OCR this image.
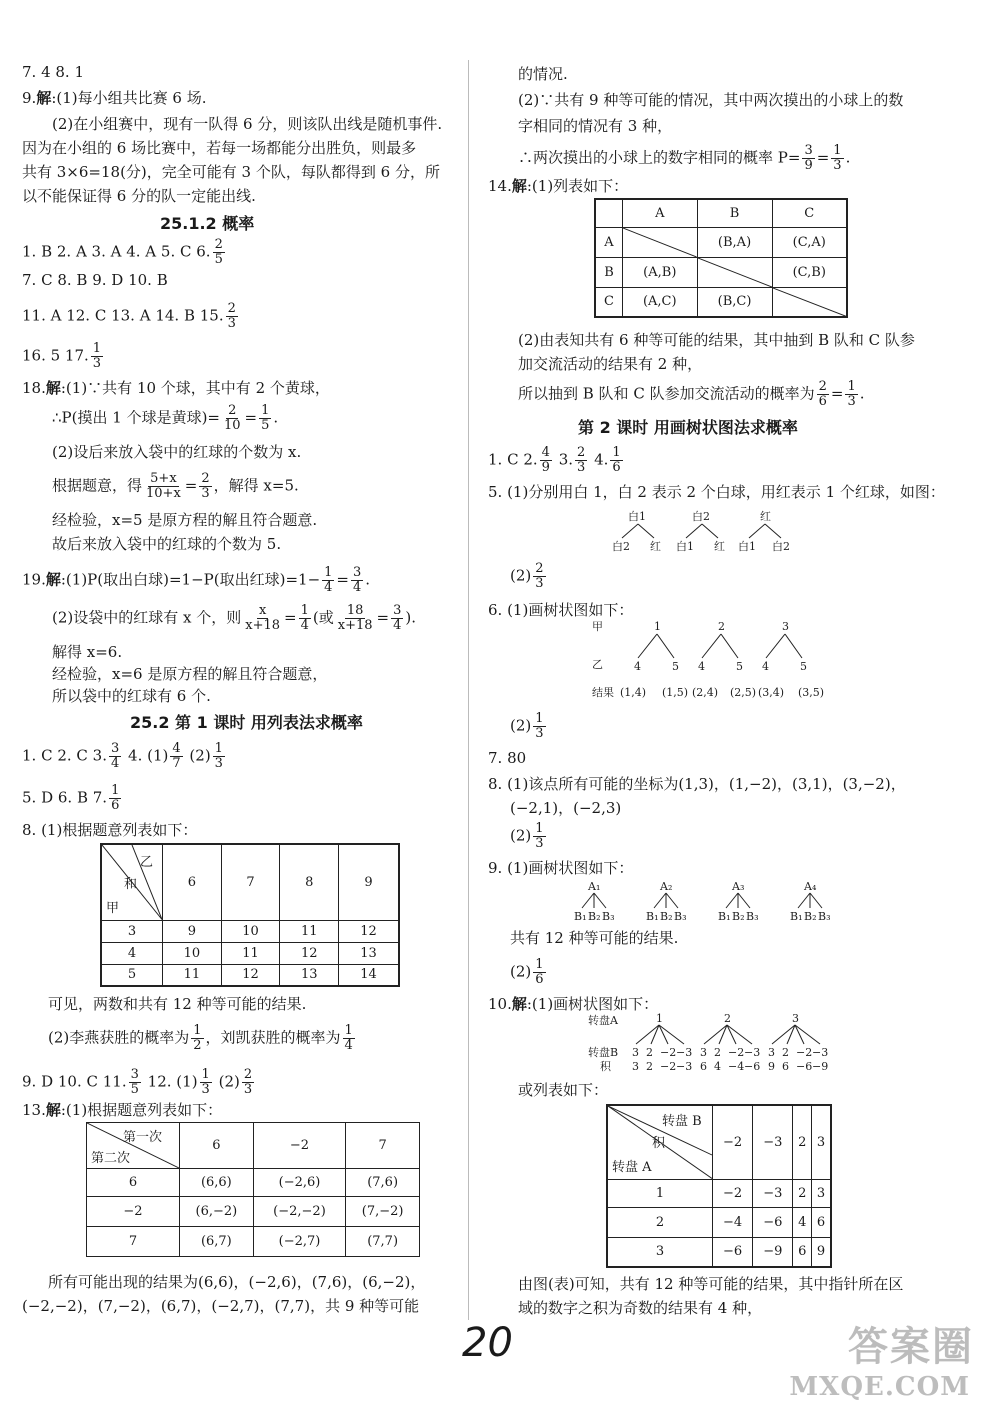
7. 4 8. 1
9.解:(1)每小组共比赛 6 场.
(2)在小组赛中，现有一队得 6 分，则该队出线是随机事件.
因为在小组的 6 场比赛中，若每一场都能分出胜负，则最多
共有 3×6=18(分)，完全可能有 3 个队，每队都得到 6 分，所
以不能保证得 6 分的队一定能出线.
25.1.2 概率
1. B 2. A 3. A 4. A 5. C 6. $\frac{2}{5}$
7. C 8. B 9. D 10. B
11. A 12. C 13. A 14. B 15. $\frac{2}{3}$
16. 5 17. $\frac{1}{3}$
18.解:(1)∵共有 10 个球，其中有 2 个黄球，
∴P(摸出 1 个球是黄球)= $\frac{2}{10} = \frac{1}{5}$ .
(2)设后来放入袋中的红球的个数为 x.
根据题意，得 $\frac{5+x}{10+x} = \frac{2}{3}$ ，解得 x=5.
经检验，x=5 是原方程的解且符合题意.
故后来放入袋中的红球的个数为 5.
19.解:(1)P(取出白球)=1−P(取出红球)$=1- \frac{1}{4} = \frac{3}{4}$ .
(2)设袋中的红球有 x 个，则 $\frac{x}{x+18} = \frac{1}{4}$ (或 $\frac{18}{x+18} = \frac{3}{4}$ ).
解得 x=6.
经检验，x=6 是原方程的解且符合题意，
所以袋中的红球有 6 个.
25.2 第 1 课时 用列表法求概率
1. C 2. C 3. $\frac{3}{4} 4$. $(1) \frac{4}{7} (2) \frac{1}{3}$
5. D 6. B 7. $\frac{1}{6}$
8. (1)根据题意列表如下：
乙
和
甲	6	7	8	9
3	9	10	11	12
4	10	11	12	13
5	11	12	13	14
可见，两数和共有 12 种等可能的结果.
(2)李燕获胜的概率为 $\frac{1}{2}$ ，刘凯获胜的概率为 $\frac{1}{4}$
9. D 10. C 11. $\frac{3}{5} 12$. $(1) \frac{1}{3} (2) \frac{2}{3}$
13.解:(1)根据题意列表如下：
第一次
第二次	6	−2	7
6	(6,6)	(−2,6)	(7,6)
−2	(6,−2)	(−2,−2)	(7,−2)
7	(6,7)	(−2,7)	(7,7)
所有可能出现的结果为(6,6)，(−2,6)，(7,6)，(6,−2)，
(−2,−2)，(7,−2)，(6,7)，(−2,7)，(7,7)，共 9 种等可能
的情况.
(2)∵共有 9 种等可能的情况，其中两次摸出的小球上的数
字相同的情况有 3 种，
∴两次摸出的小球上的数字相同的概率 $P= \frac{3}{9} = \frac{1}{3}$ .
14.解:(1)列表如下：
	A	B	C
A		(B,A)	(C,A)
B	(A,B)		(C,B)
C	(A,C)	(B,C)	
(2)由表知共有 6 种等可能的结果，其中抽到 B 队和 C 队参
加交流活动的结果有 2 种，
所以抽到 B 队和 C 队参加交流活动的概率为 $\frac{2}{6} = \frac{1}{3}$ .
第 2 课时 用画树状图法求概率
1. C 2. $\frac{4}{9} 3$. $\frac{2}{3} 4$. $\frac{1}{6}$
5. (1)分别用白 1，白 2 表示 2 个白球，用红表示 1 个红球，如图：
白1	白2	红
白2 红 白1 红 白1 白2
$(2) \frac{2}{3}$
6. (1)画树状图如下：
甲
乙
1	2	3
4	5 4	5 4	5
结果 (1,4) (1,5) (2,4) (2,5) (3,4) (3,5)
$(2) \frac{1}{3}$
7. 80
8. (1)该点所有可能的坐标为(1,3)，(1,−2)，(3,1)，(3,−2)，
(−2,1)，(−2,3)
$(2) \frac{1}{3}$
9. (1)画树状图如下：
A₁
B₁ B₂ B₃
A₂
B₁ B₂ B₃
A₃
B₁ B₂ B₃
A₄
B₁ B₂ B₃
共有 12 种等可能的结果.
$(2) \frac{1}{6}$
10.解:(1)画树状图如下：
转盘A
转盘B
积
1
3 2 −2 −3
3 2 −2 −3
2
3 2 −2 −3
6 4 −4 −6
3
3 2 −2 −3
9 6 −6 −9
或列表如下：
转盘 B
积
转盘 A	−2	−3	2	3
1	−2	−3	2	3
2	−4	−6	4	6
3	−6	−9	6	9
由图(表)可知，共有 12 种等可能的结果，其中指针所在区
域的数字之积为奇数的结果有 4 种，
20	答案圈
MXQE.COM
